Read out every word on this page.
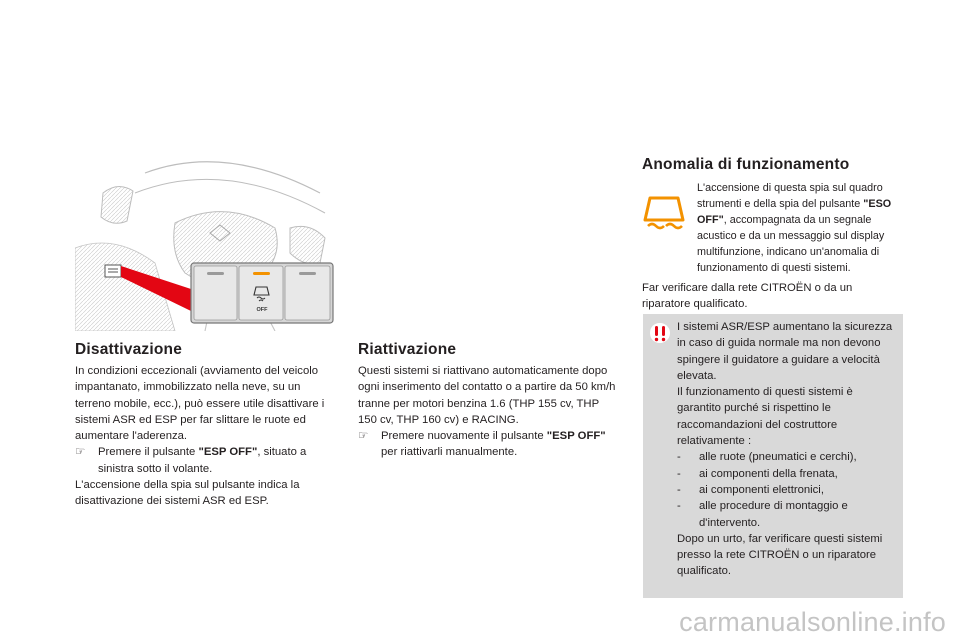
OFF
Disattivazione

In condizioni eccezionali (avviamento del veicolo impantanato, immobilizzato nella neve, su un terreno mobile, ecc.), può essere utile disattivare i sistemi ASR ed ESP per far slittare le ruote ed aumentare l'aderenza.

☞	Premere il pulsante "ESP OFF", situato a sinistra sotto il volante.

L'accensione della spia sul pulsante indica la disattivazione dei sistemi ASR ed ESP.

Riattivazione

Questi sistemi si riattivano automaticamente dopo ogni inserimento del contatto o a partire da 50 km/h tranne per motori benzina 1.6 (THP 155 cv, THP 150 cv, THP 160 cv) e RACING.

☞	Premere nuovamente il pulsante "ESP OFF" per riattivarli manualmente.
Anomalia di funzionamento
L'accensione di questa spia sul quadro strumenti e della spia del pulsante "ESO OFF", accompagnata da un segnale acustico e da un messaggio sul display multifunzione, indicano un'anomalia di funzionamento di questi sistemi.

Far verificare dalla rete CITROËN o da un riparatore qualificato.

I sistemi ASR/ESP aumentano la sicurezza in caso di guida normale ma non devono spingere il guidatore a guidare a velocità elevata.

Il funzionamento di questi sistemi è garantito purché si rispettino le raccomandazioni del costruttore relativamente :

- alle ruote (pneumatici e cerchi),
- ai componenti della frenata,
- ai componenti elettronici,
- alle procedure di montaggio e d'intervento.

Dopo un urto, far verificare questi sistemi presso la rete CITROËN o un riparatore qualificato.

carmanualsonline.info
